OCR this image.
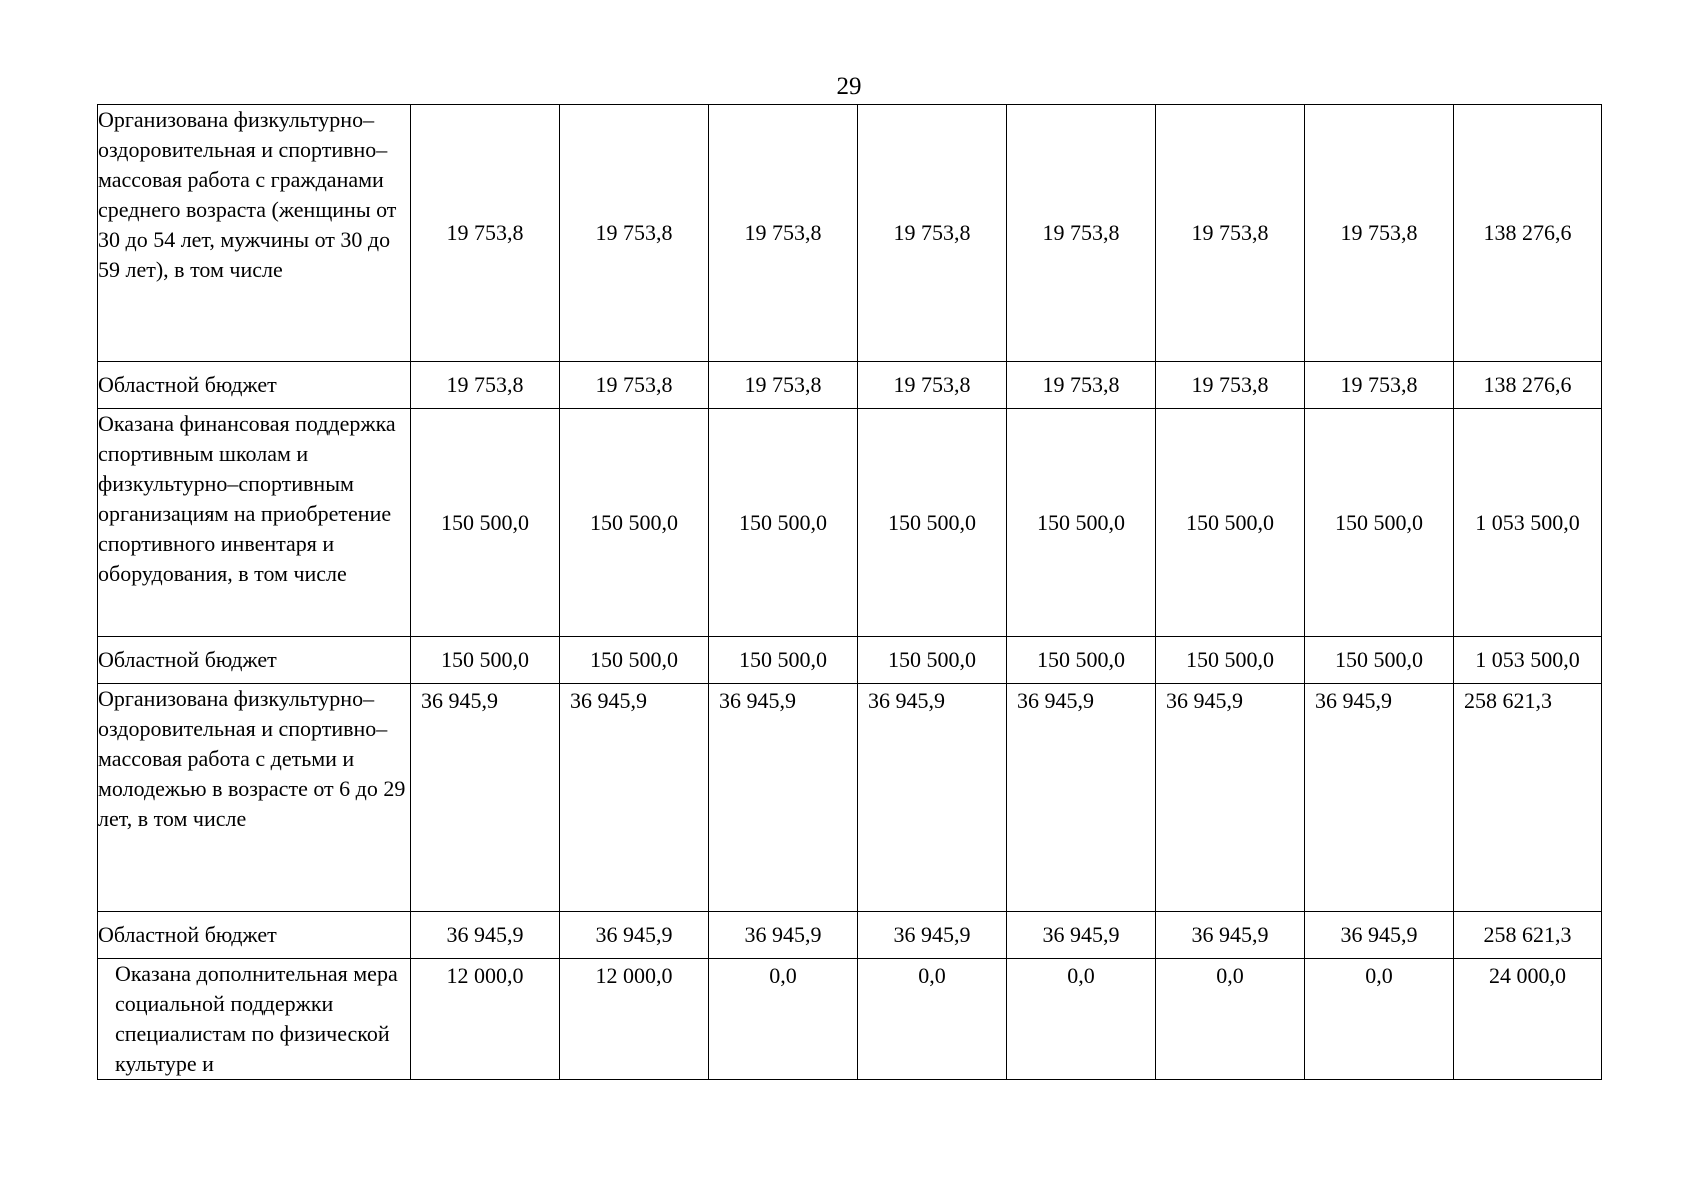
29
Организована физкультурно–оздоровительная и спортивно–массовая работа с гражданами среднего возраста (женщины от 30 до 54 лет, мужчины от 30 до 59 лет), в том числе	19 753,8	19 753,8	19 753,8	19 753,8	19 753,8	19 753,8	19 753,8	138 276,6
Областной бюджет	19 753,8	19 753,8	19 753,8	19 753,8	19 753,8	19 753,8	19 753,8	138 276,6
Оказана финансовая поддержка спортивным школам и физкультурно–спортивным организациям на приобретение спортивного инвентаря и оборудования, в том числе	150 500,0	150 500,0	150 500,0	150 500,0	150 500,0	150 500,0	150 500,0	1 053 500,0
Областной бюджет	150 500,0	150 500,0	150 500,0	150 500,0	150 500,0	150 500,0	150 500,0	1 053 500,0
Организована физкультурно–оздоровительная и спортивно–массовая работа с детьми и молодежью в возрасте от 6 до 29 лет, в том числе	36 945,9	36 945,9	36 945,9	36 945,9	36 945,9	36 945,9	36 945,9	258 621,3
Областной бюджет	36 945,9	36 945,9	36 945,9	36 945,9	36 945,9	36 945,9	36 945,9	258 621,3
Оказана дополнительная мера социальной поддержки специалистам по физической культуре и	12 000,0	12 000,0	0,0	0,0	0,0	0,0	0,0	24 000,0
